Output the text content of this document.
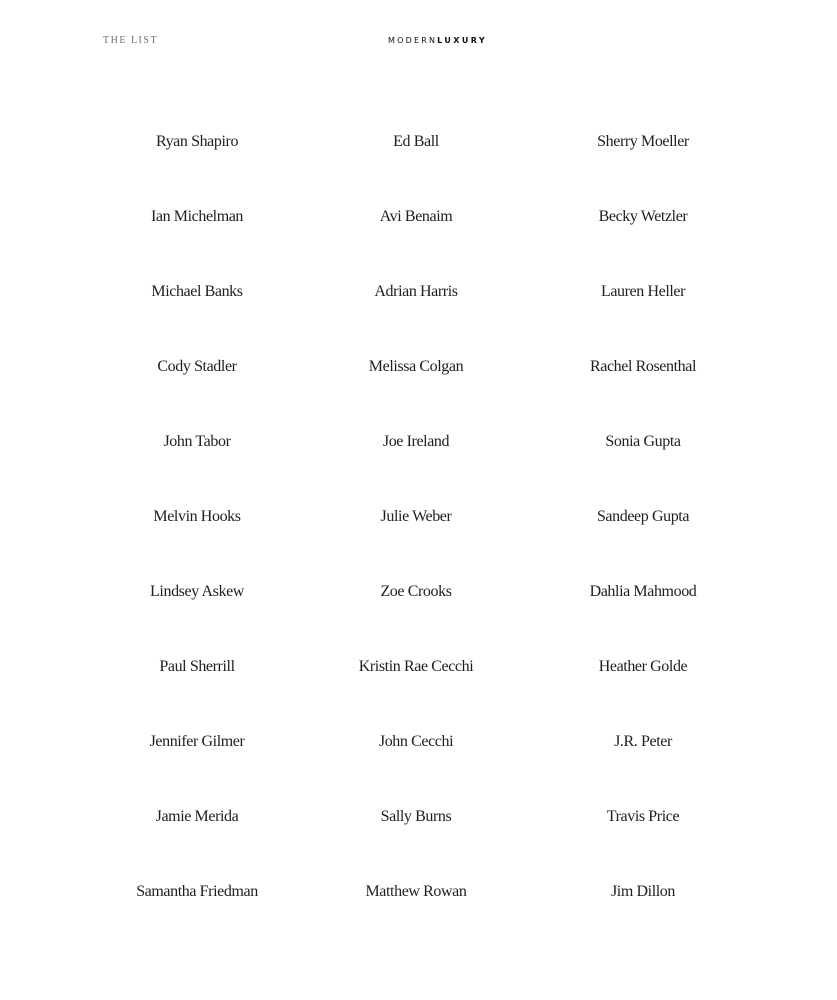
THE LIST	MODERNLUXURY
Ryan Shapiro
Ian Michelman
Michael Banks
Cody Stadler
John Tabor
Melvin Hooks
Lindsey Askew
Paul Sherrill
Jennifer Gilmer
Jamie Merida
Samantha Friedman
Ed Ball
Avi Benaim
Adrian Harris
Melissa Colgan
Joe Ireland
Julie Weber
Zoe Crooks
Kristin Rae Cecchi
John Cecchi
Sally Burns
Matthew Rowan
Sherry Moeller
Becky Wetzler
Lauren Heller
Rachel Rosenthal
Sonia Gupta
Sandeep Gupta
Dahlia Mahmood
Heather Golde
J.R. Peter
Travis Price
Jim Dillon
